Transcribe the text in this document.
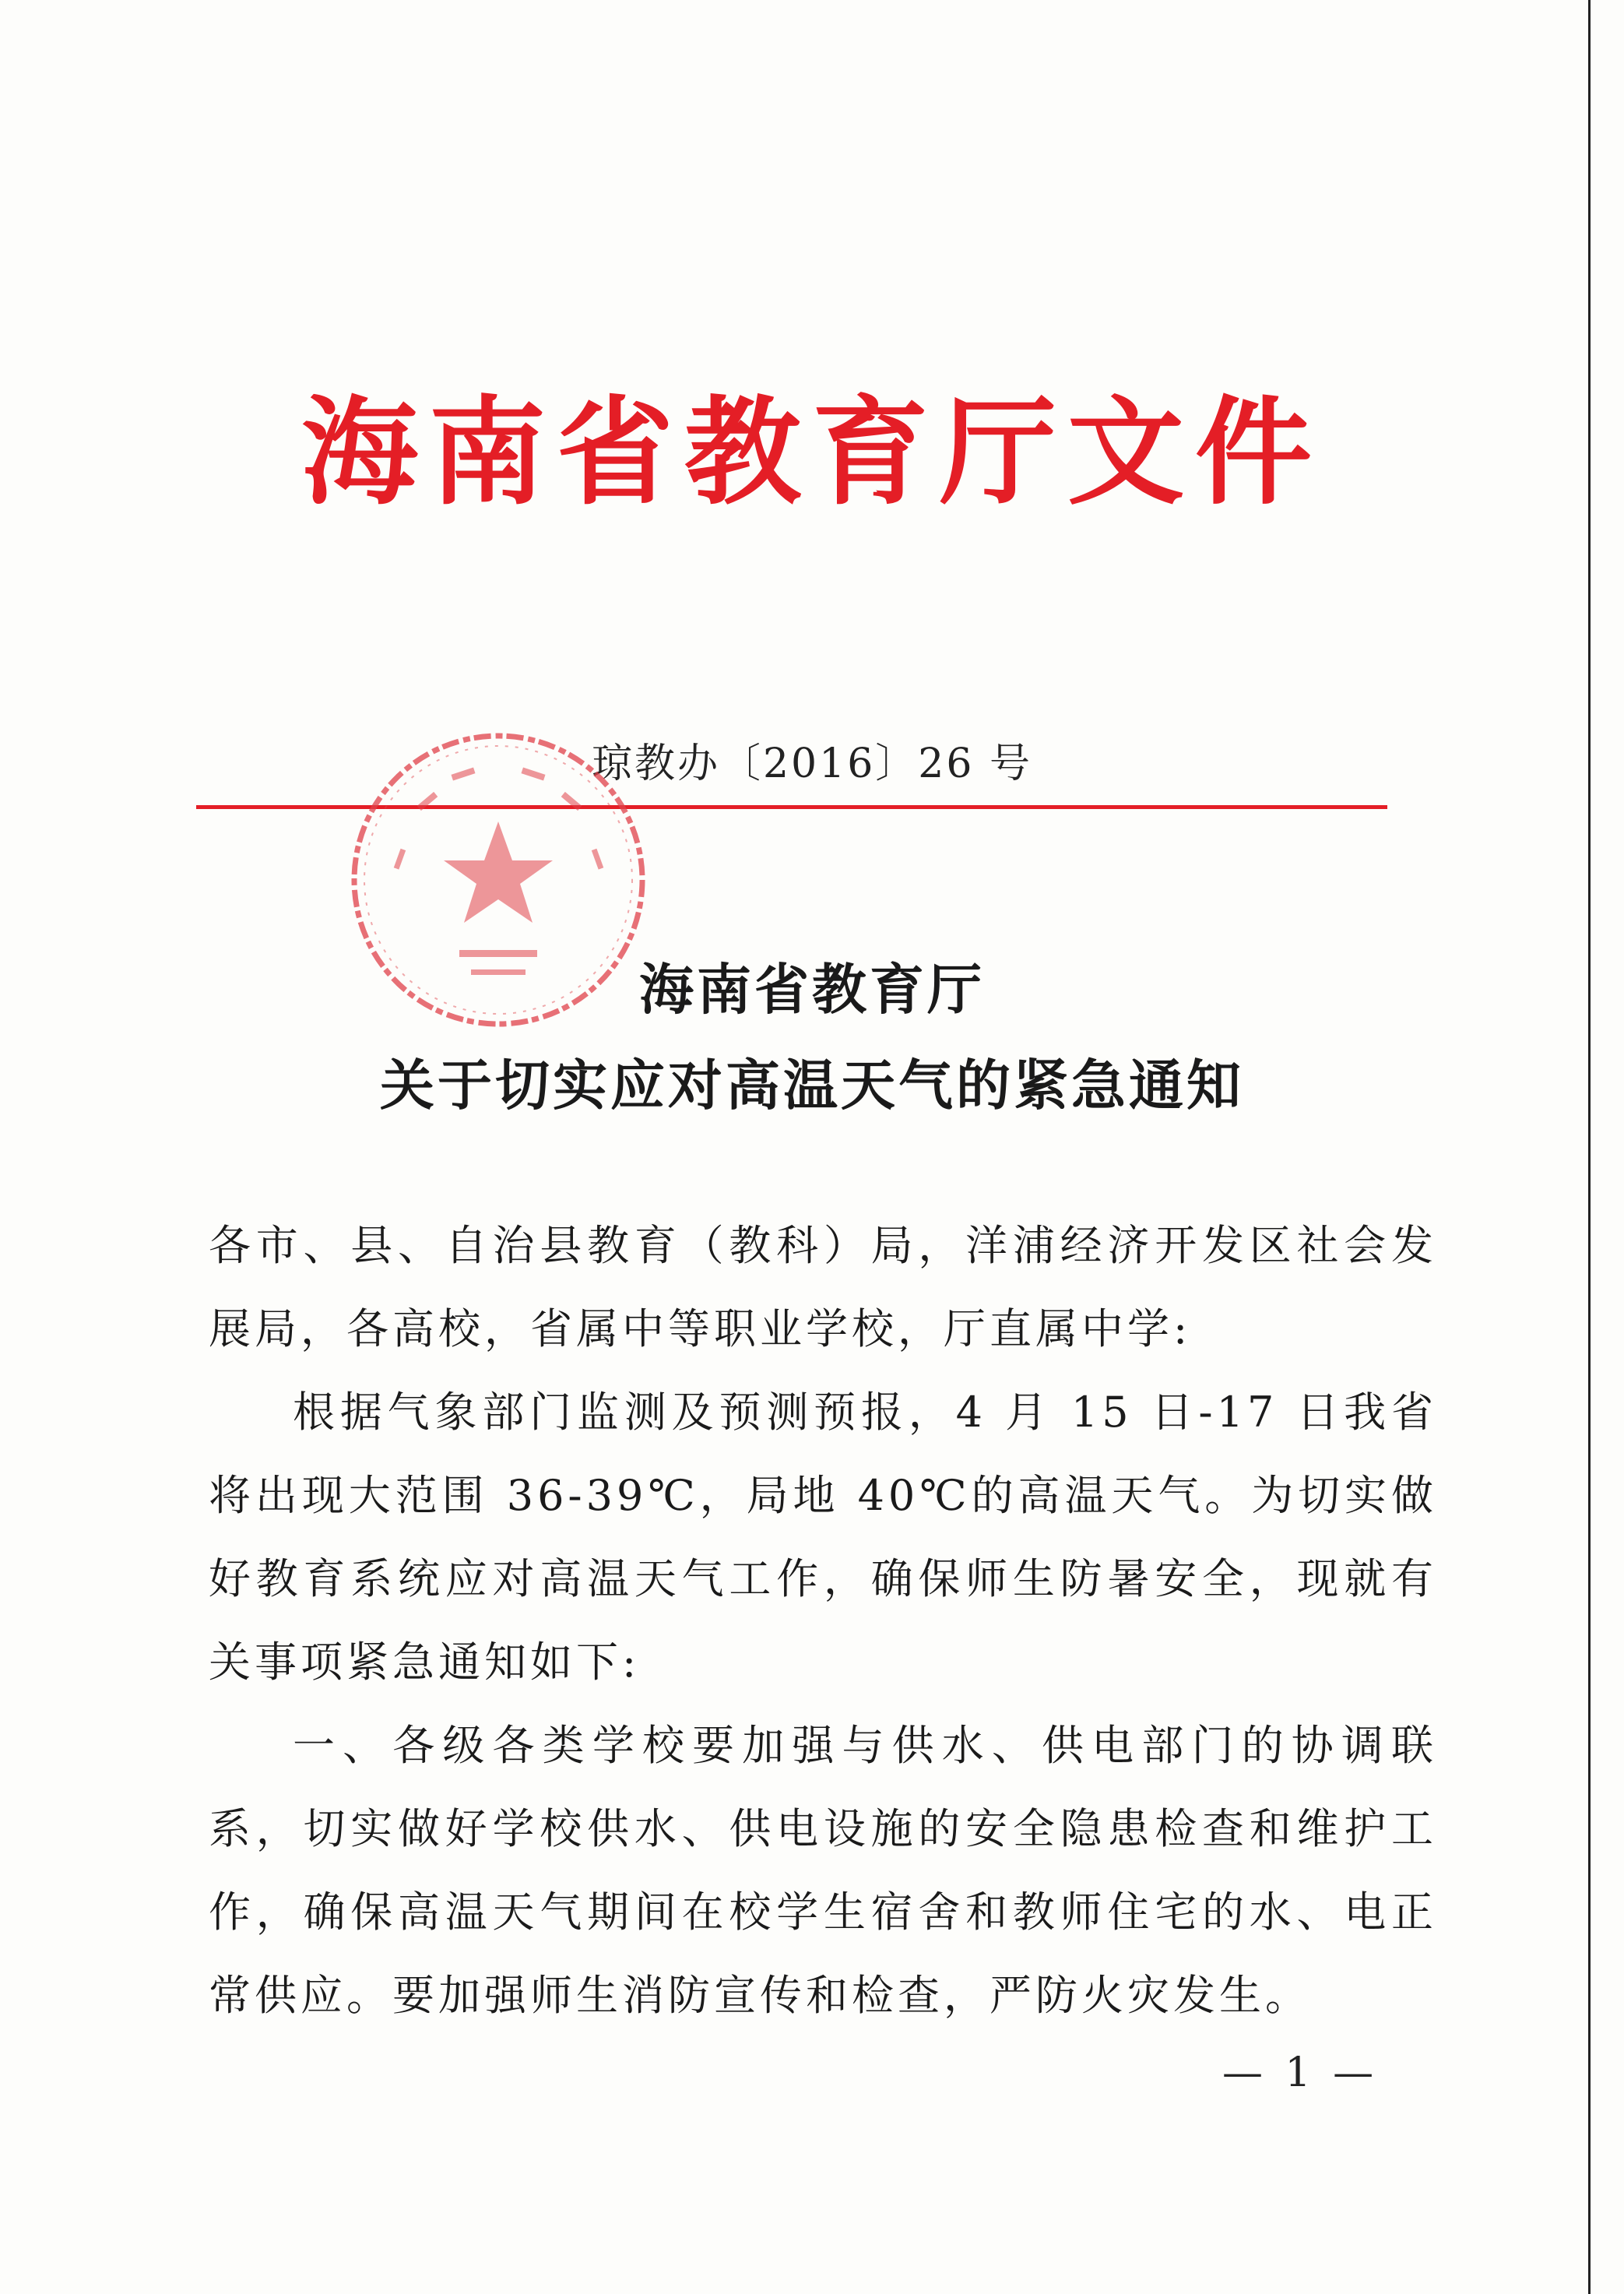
海南省教育厅文件
琼教办〔2016〕26 号
海南省教育厅
关于切实应对高温天气的紧急通知

各市、县、自治县教育（教科）局，洋浦经济开发区社会发展局，各高校，省属中等职业学校，厅直属中学:

根据气象部门监测及预测预报，4 月 15 日-17 日我省将出现大范围 36-39℃，局地 40℃的高温天气。为切实做好教育系统应对高温天气工作，确保师生防暑安全，现就有关事项紧急通知如下:

一、各级各类学校要加强与供水、供电部门的协调联系，切实做好学校供水、供电设施的安全隐患检查和维护工作，确保高温天气期间在校学生宿舍和教师住宅的水、电正常供应。要加强师生消防宣传和检查，严防火灾发生。

— 1 —
